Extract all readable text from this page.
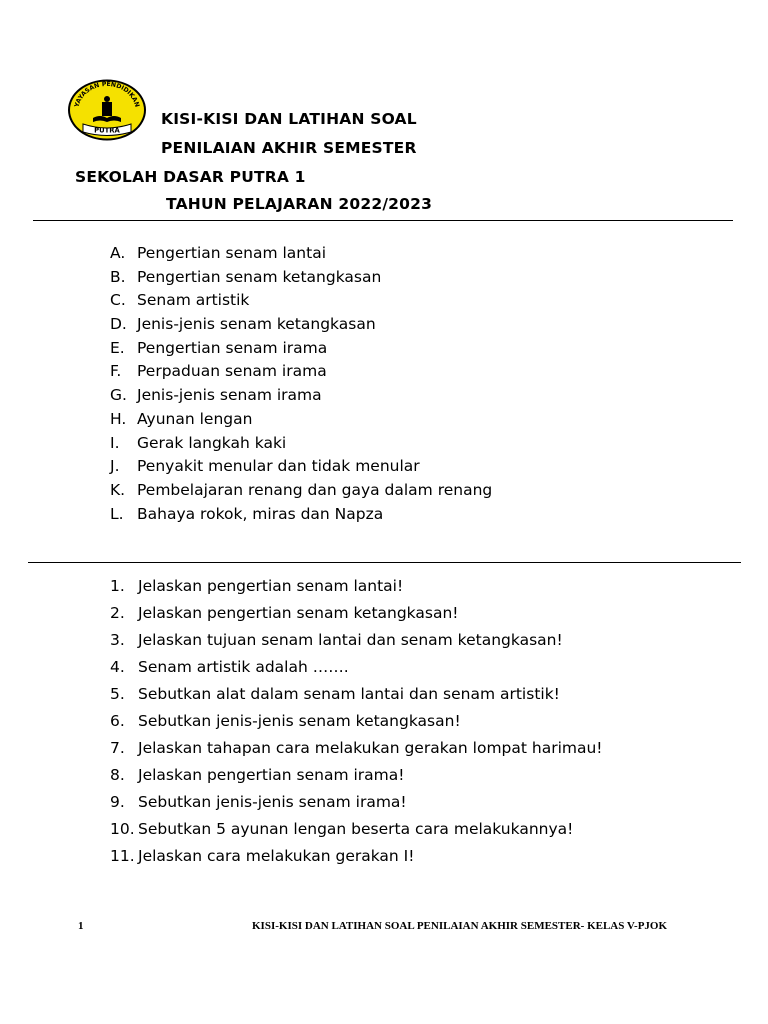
YAYASAN PENDIDIKAN
PUTRA
KISI-KISI DAN LATIHAN SOAL
PENILAIAN AKHIR SEMESTER
SEKOLAH DASAR PUTRA 1
TAHUN PELAJARAN 2022/2023
A. Pengertian senam lantai
B. Pengertian senam ketangkasan
C. Senam artistik
D. Jenis-jenis senam ketangkasan
E. Pengertian senam irama
F. Perpaduan senam irama
G. Jenis-jenis senam irama
H. Ayunan lengan
I. Gerak langkah kaki
J. Penyakit menular dan tidak menular
K. Pembelajaran renang dan gaya dalam renang
L. Bahaya rokok, miras dan Napza
1. Jelaskan pengertian senam lantai!
2. Jelaskan pengertian senam ketangkasan!
3. Jelaskan tujuan senam lantai dan senam ketangkasan!
4. Senam artistik adalah …….
5. Sebutkan alat dalam senam lantai dan senam artistik!
6. Sebutkan jenis-jenis senam ketangkasan!
7. Jelaskan tahapan cara melakukan gerakan lompat harimau!
8. Jelaskan pengertian senam irama!
9. Sebutkan jenis-jenis senam irama!
10. Sebutkan 5 ayunan lengan beserta cara melakukannya!
11. Jelaskan cara melakukan gerakan I!
1	KISI-KISI DAN LATIHAN SOAL PENILAIAN AKHIR SEMESTER- KELAS V-PJOK
